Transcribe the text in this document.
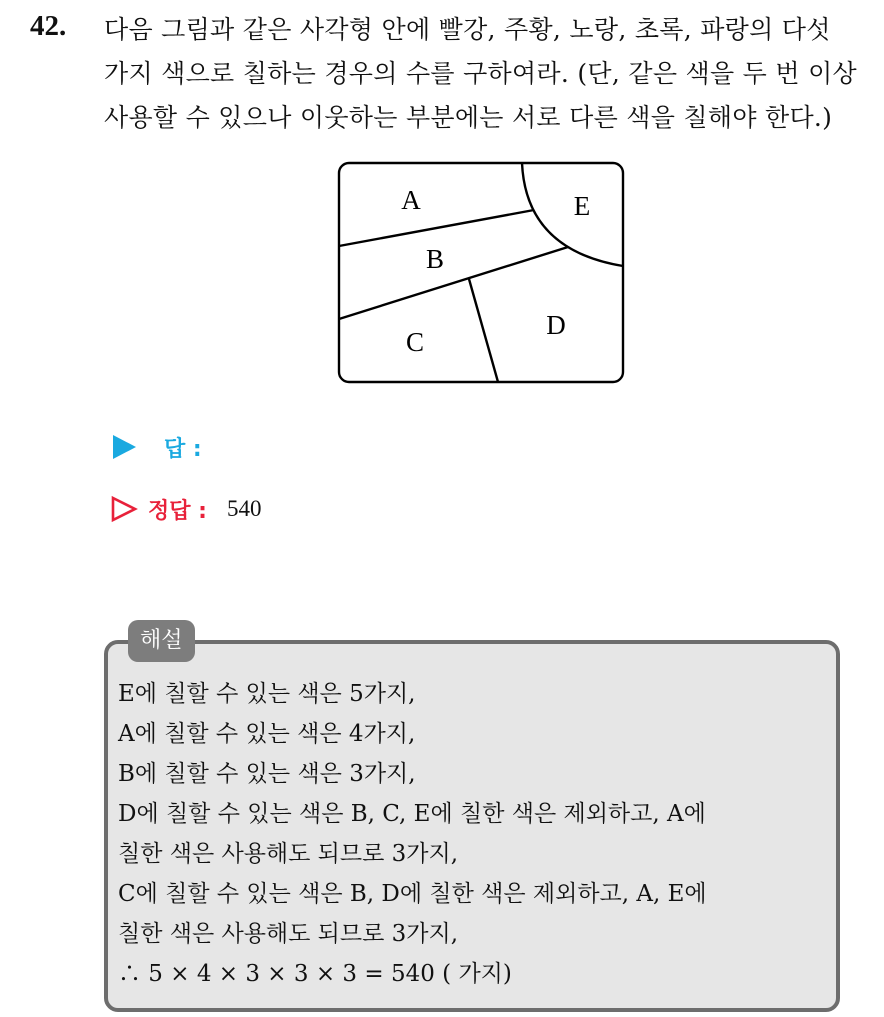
42. 다음 그림과 같은 사각형 안에 빨강, 주황, 노랑, 초록, 파랑의 다섯
가지 색으로 칠하는 경우의 수를 구하여라. (단, 같은 색을 두 번 이상
사용할 수 있으나 이웃하는 부분에는 서로 다른 색을 칠해야 한다.)
A
B
C
D
E
답 :
정답 : 540
해설
E에 칠할 수 있는 색은 5가지,
A에 칠할 수 있는 색은 4가지,
B에 칠할 수 있는 색은 3가지,
D에 칠할 수 있는 색은 B, C, E에 칠한 색은 제외하고, A에
칠한 색은 사용해도 되므로 3가지,
C에 칠할 수 있는 색은 B, D에 칠한 색은 제외하고, A, E에
칠한 색은 사용해도 되므로 3가지,
∴ 5 × 4 × 3 × 3 × 3 = 540 ( 가지)
